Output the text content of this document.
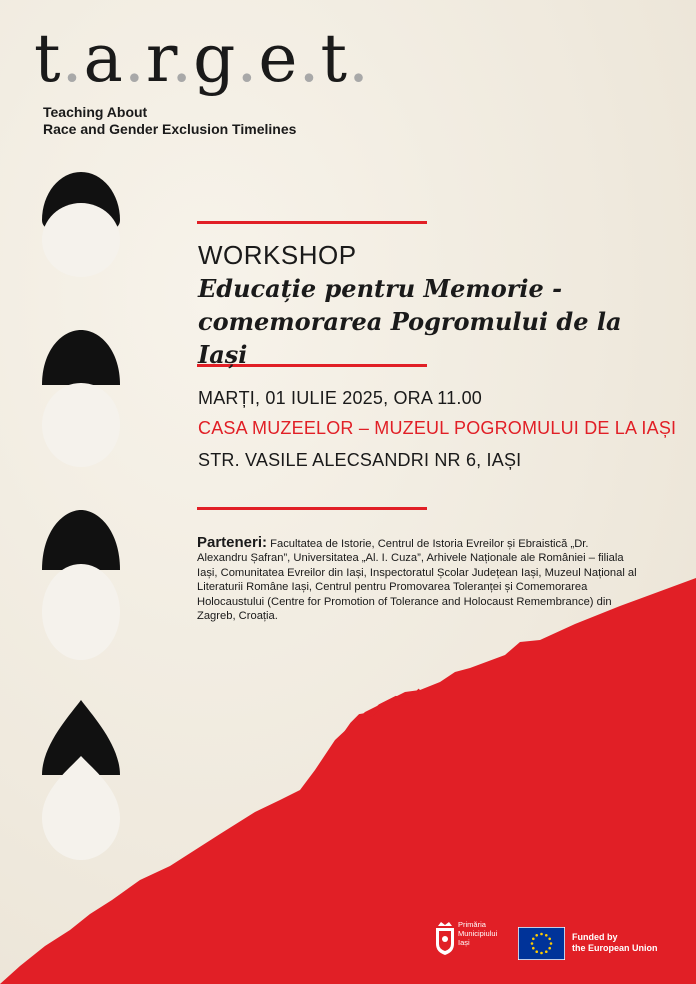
t.a.r.g.e.t.
Teaching About
Race and Gender Exclusion Timelines
WORKSHOP
Educație pentru Memorie -
comemorarea Pogromului de la Iași
MARȚI, 01 IULIE 2025, ORA 11.00
CASA MUZEELOR – MUZEUL POGROMULUI DE LA IAȘI
STR. VASILE ALECSANDRI NR 6, IAȘI
Parteneri: Facultatea de Istorie, Centrul de Istoria Evreilor și Ebraistică „Dr. Alexandru Șafran”, Universitatea „Al. I. Cuza”, Arhivele Naționale ale României – filiala Iași, Comunitatea Evreilor din Iași, Inspectoratul Școlar Județean Iași, Muzeul Național al Literaturii Române Iași, Centrul pentru Promovarea Toleranței și Comemorarea Holocaustului (Centre for Promotion of Tolerance and Holocaust Remembrance) din Zagreb, Croația.
Primăria
Municipiului
Iași
Funded by
the European Union
